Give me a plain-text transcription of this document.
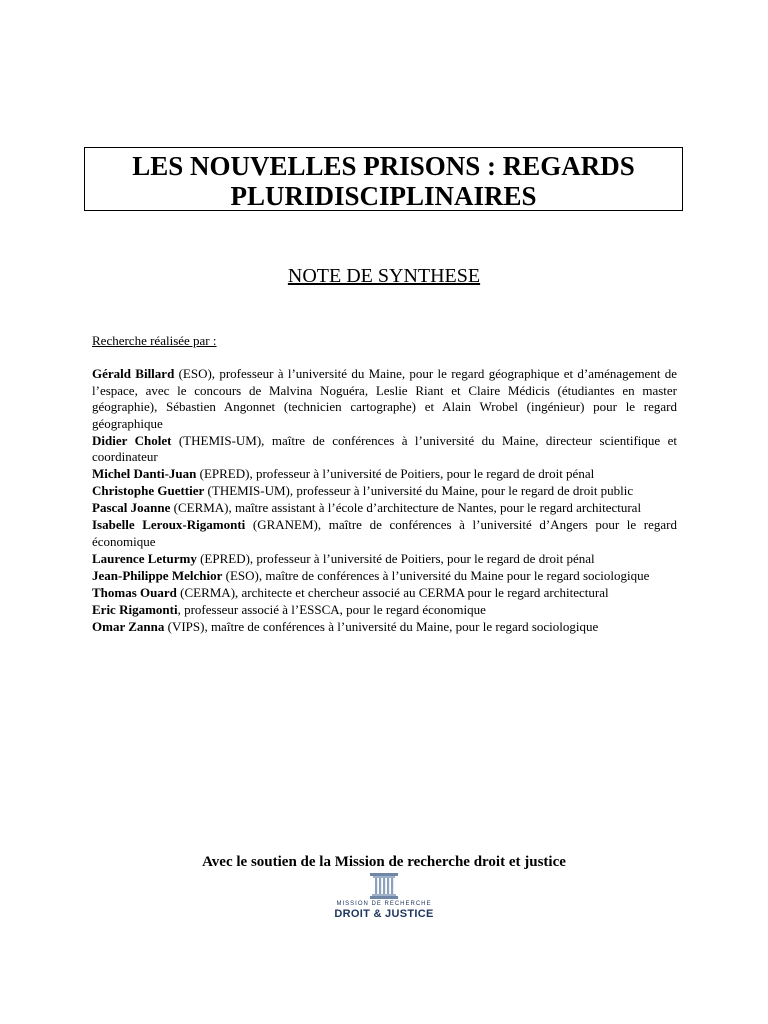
LES NOUVELLES PRISONS : REGARDS
PLURIDISCIPLINAIRES
NOTE DE SYNTHESE
Recherche réalisée par :
Gérald Billard (ESO), professeur à l’université du Maine, pour le regard géographique et d’aménagement de l’espace, avec le concours de Malvina Noguéra, Leslie Riant et Claire Médicis (étudiantes en master géographie), Sébastien Angonnet (technicien cartographe) et Alain Wrobel (ingénieur) pour le regard géographique
Didier Cholet (THEMIS-UM), maître de conférences à l’université du Maine, directeur scientifique et coordinateur
Michel Danti-Juan (EPRED), professeur à l’université de Poitiers, pour le regard de droit pénal
Christophe Guettier (THEMIS-UM), professeur à l’université du Maine, pour le regard de droit public
Pascal Joanne (CERMA), maître assistant à l’école d’architecture de Nantes, pour le regard architectural
Isabelle Leroux-Rigamonti (GRANEM), maître de conférences à l’université d’Angers pour le regard économique
Laurence Leturmy (EPRED), professeur à l’université de Poitiers, pour le regard de droit pénal
Jean-Philippe Melchior (ESO), maître de conférences à l’université du Maine pour le regard sociologique
Thomas Ouard (CERMA), architecte et chercheur associé au CERMA pour le regard architectural
Eric Rigamonti, professeur associé à l’ESSCA, pour le regard économique
Omar Zanna (VIPS), maître de conférences à l’université du Maine, pour le regard sociologique
Avec le soutien de la Mission de recherche droit et justice
MISSION DE RECHERCHE
DROIT & JUSTICE
